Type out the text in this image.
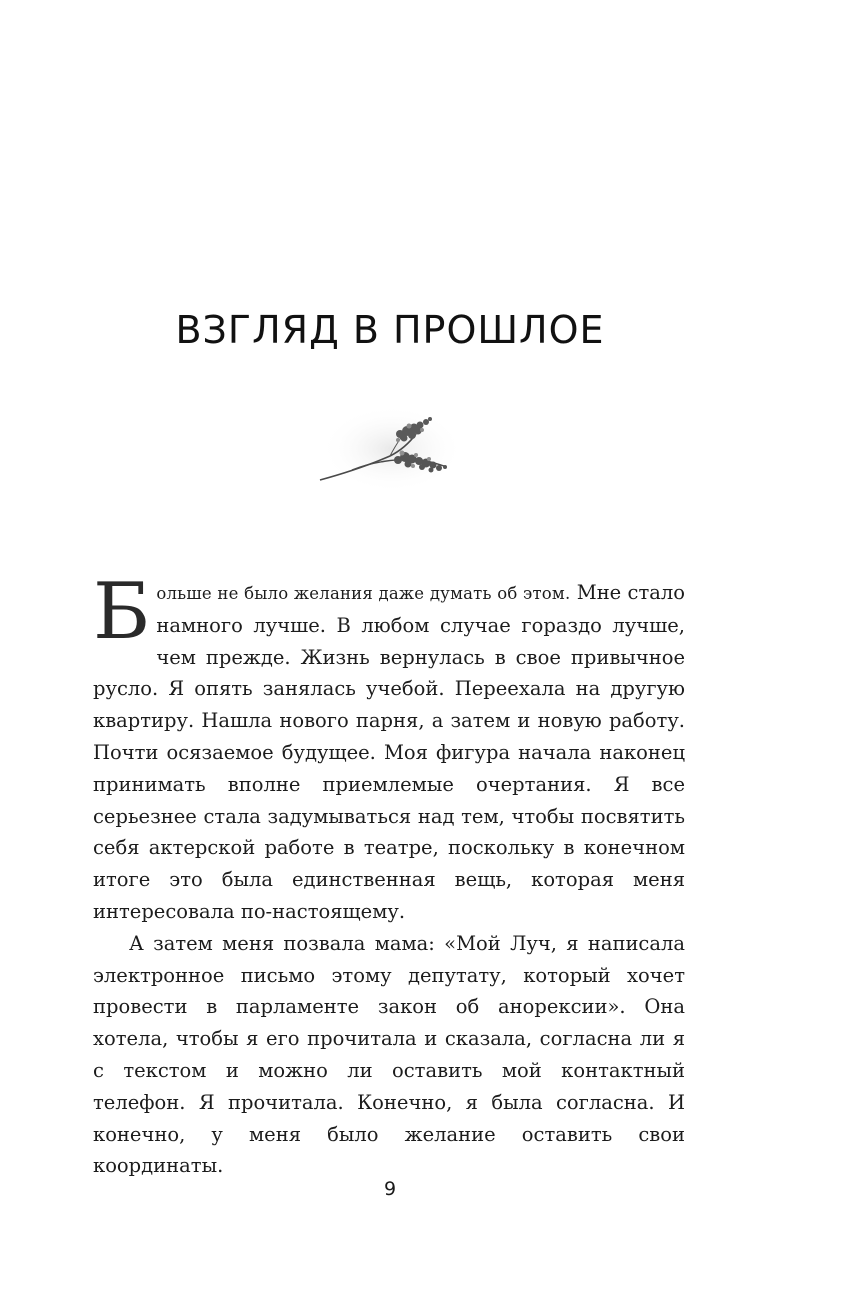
ВЗГЛЯД В ПРОШЛОЕ

Больше не было желания даже думать об этом. Мне стало намного лучше. В любом случае гораздо лучше, чем прежде. Жизнь вернулась в свое привычное русло. Я опять занялась учебой. Переехала на другую квартиру. Нашла нового парня, а затем и новую работу. Почти осязаемое будущее. Моя фигура начала наконец принимать вполне приемлемые очертания. Я все серьезнее стала задумываться над тем, чтобы посвятить себя актерской работе в театре, поскольку в конечном итоге это была единственная вещь, которая меня интересовала по-настоящему.

А затем меня позвала мама: «Мой Луч, я написала электронное письмо этому депутату, который хочет провести в парламенте закон об анорексии». Она хотела, чтобы я его прочитала и сказала, согласна ли я с текстом и можно ли оставить мой контактный телефон. Я прочитала. Конечно, я была согласна. И конечно, у меня было желание оставить свои координаты.

9
